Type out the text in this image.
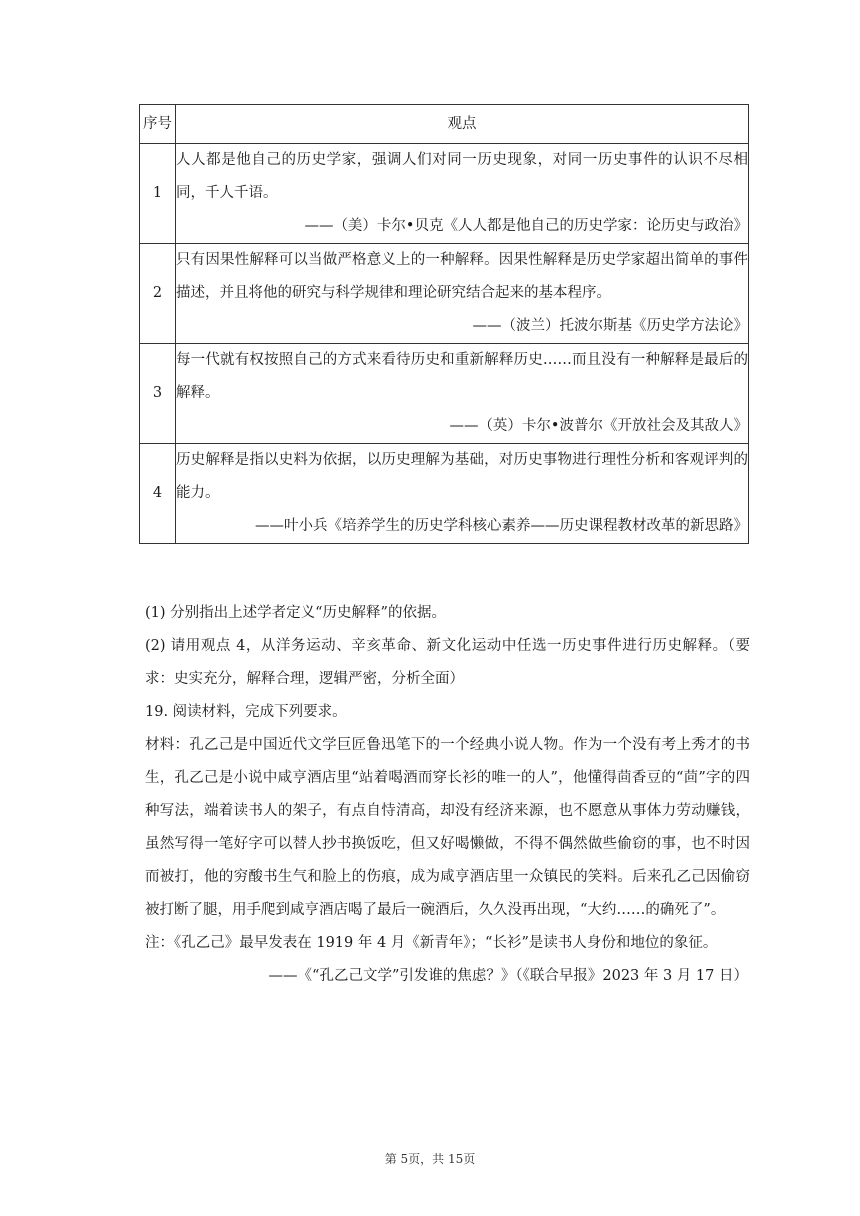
序号	观点
1	人人都是他自己的历史学家，强调人们对同一历史现象，对同一历史事件的认识不尽相同，千人千语。
——（美）卡尔•贝克《人人都是他自己的历史学家：论历史与政治》

2	只有因果性解释可以当做严格意义上的一种解释。因果性解释是历史学家超出简单的事件描述，并且将他的研究与科学规律和理论研究结合起来的基本程序。
——（波兰）托波尔斯基《历史学方法论》

3	每一代就有权按照自己的方式来看待历史和重新解释历史……而且没有一种解释是最后的解释。
——（英）卡尔•波普尔《开放社会及其敌人》

4	历史解释是指以史料为依据，以历史理解为基础，对历史事物进行理性分析和客观评判的能力。
——叶小兵《培养学生的历史学科核心素养——历史课程教材改革的新思路》
(1) 分别指出上述学者定义“历史解释”的依据。
(2) 请用观点 4，从洋务运动、辛亥革命、新文化运动中任选一历史事件进行历史解释。（要求：史实充分，解释合理，逻辑严密，分析全面）
19. 阅读材料，完成下列要求。
材料：孔乙己是中国近代文学巨匠鲁迅笔下的一个经典小说人物。作为一个没有考上秀才的书生，孔乙己是小说中咸亨酒店里“站着喝酒而穿长衫的唯一的人”，他懂得茴香豆的“茴”字的四种写法，端着读书人的架子，有点自恃清高，却没有经济来源，也不愿意从事体力劳动赚钱，虽然写得一笔好字可以替人抄书换饭吃，但又好喝懒做，不得不偶然做些偷窃的事，也不时因而被打，他的穷酸书生气和脸上的伤痕，成为咸亨酒店里一众镇民的笑料。后来孔乙己因偷窃被打断了腿，用手爬到咸亨酒店喝了最后一碗酒后，久久没再出现，“大约……的确死了”。
注：《孔乙己》最早发表在 1919 年 4 月《新青年》；“长衫”是读书人身份和地位的象征。
——《“孔乙己文学”引发谁的焦虑？》（《联合早报》2023 年 3 月 17 日）
第 5页，共 15页
